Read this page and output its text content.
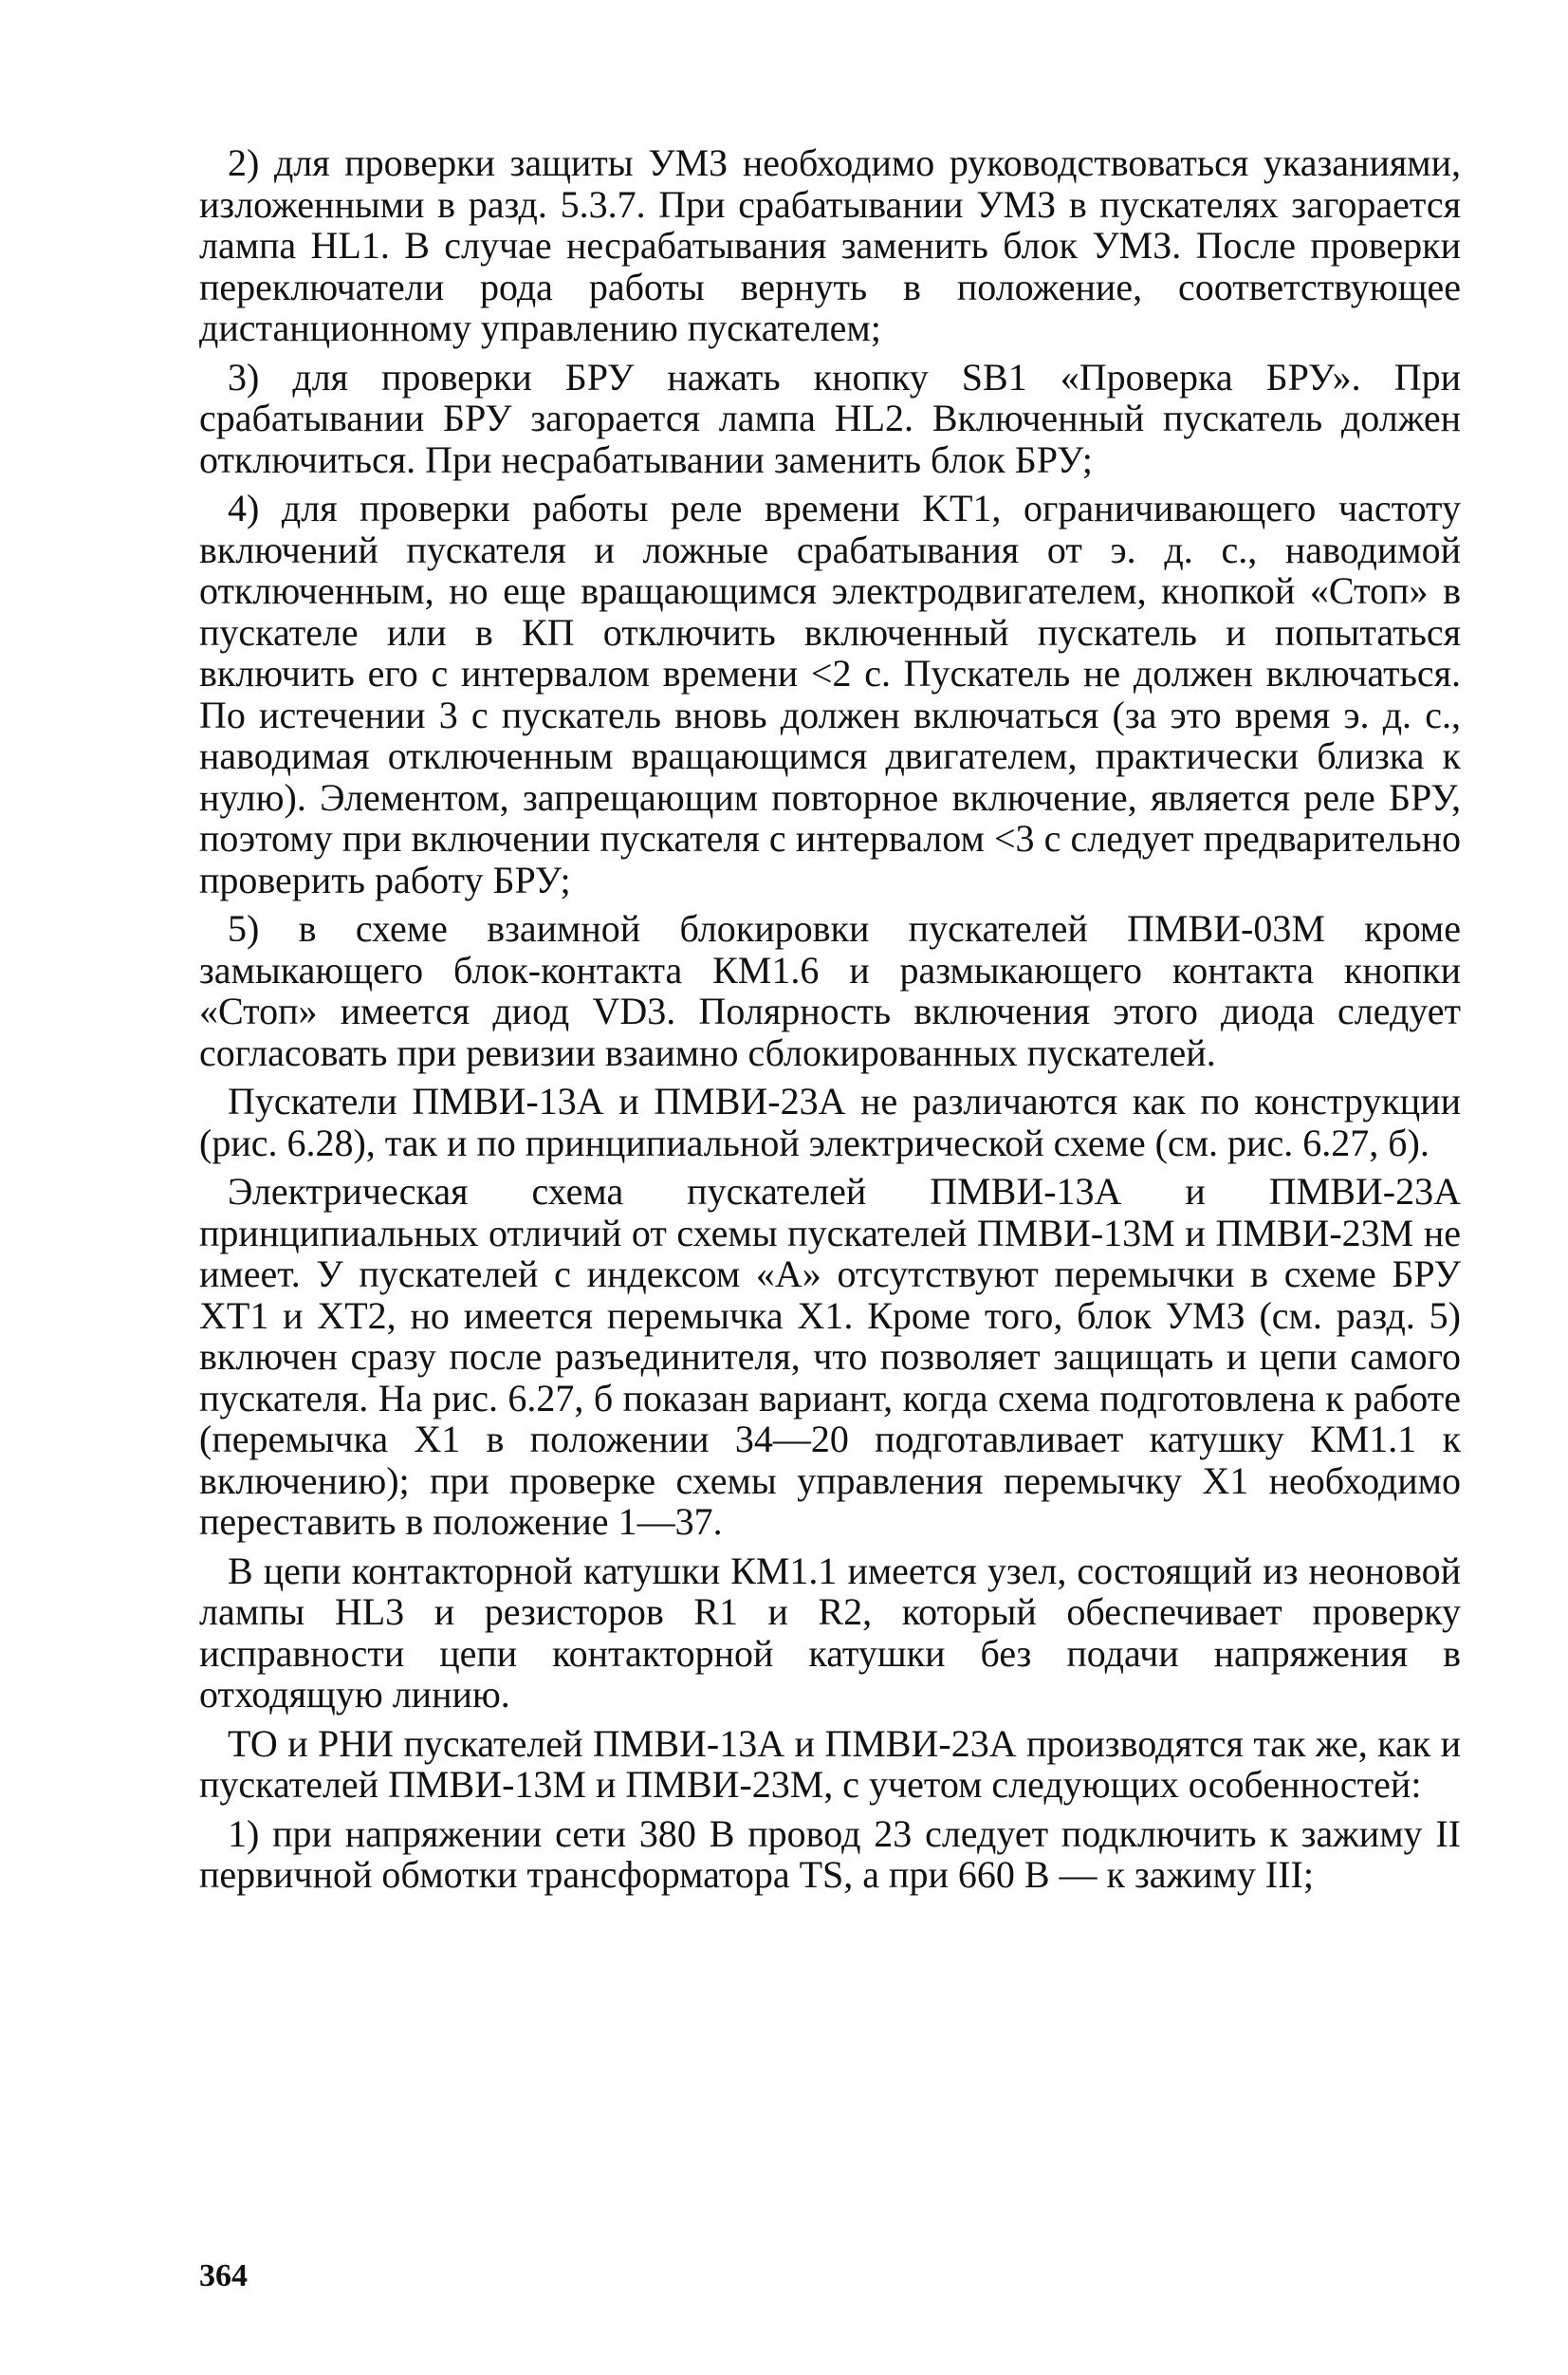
2) для проверки защиты УМЗ необходимо руководствоваться указаниями, изложенными в разд. 5.3.7. При срабатывании УМЗ в пускателях загорается лампа HL1. В случае несрабатывания заменить блок УМЗ. После проверки переключатели рода работы вернуть в положение, соответствующее дистанционному управлению пускателем;

3) для проверки БРУ нажать кнопку SB1 «Проверка БРУ». При срабатывании БРУ загорается лампа HL2. Включенный пускатель должен отключиться. При несрабатывании заменить блок БРУ;

4) для проверки работы реле времени KT1, ограничивающего частоту включений пускателя и ложные срабатывания от э. д. с., наводимой отключенным, но еще вращающимся электродвигателем, кнопкой «Стоп» в пускателе или в КП отключить включенный пускатель и попытаться включить его с интервалом времени <2 с. Пускатель не должен включаться. По истечении 3 с пускатель вновь должен включаться (за это время э. д. с., наводимая отключенным вращающимся двигателем, практически близка к нулю). Элементом, запрещающим повторное включение, является реле БРУ, поэтому при включении пускателя с интервалом <3 с следует предварительно проверить работу БРУ;

5) в схеме взаимной блокировки пускателей ПМВИ-03М кроме замыкающего блок-контакта КМ1.6 и размыкающего контакта кнопки «Стоп» имеется диод VD3. Полярность включения этого диода следует согласовать при ревизии взаимно сблокированных пускателей.

Пускатели ПМВИ-13А и ПМВИ-23А не различаются как по конструкции (рис. 6.28), так и по принципиальной электрической схеме (см. рис. 6.27, б).

Электрическая схема пускателей ПМВИ-13А и ПМВИ-23А принципиальных отличий от схемы пускателей ПМВИ-13М и ПМВИ-23М не имеет. У пускателей с индексом «А» отсутствуют перемычки в схеме БРУ XT1 и XT2, но имеется перемычка X1. Кроме того, блок УМЗ (см. разд. 5) включен сразу после разъединителя, что позволяет защищать и цепи самого пускателя. На рис. 6.27, б показан вариант, когда схема подготовлена к работе (перемычка X1 в положении 34—20 подготавливает катушку КМ1.1 к включению); при проверке схемы управления перемычку X1 необходимо переставить в положение 1—37.

В цепи контакторной катушки КМ1.1 имеется узел, состоящий из неоновой лампы HL3 и резисторов R1 и R2, который обеспечивает проверку исправности цепи контакторной катушки без подачи напряжения в отходящую линию.

ТО и РНИ пускателей ПМВИ-13А и ПМВИ-23А производятся так же, как и пускателей ПМВИ-13М и ПМВИ-23М, с учетом следующих особенностей:

1) при напряжении сети 380 В провод 23 следует подключить к зажиму II первичной обмотки трансформатора TS, а при 660 В — к зажиму III;

364
